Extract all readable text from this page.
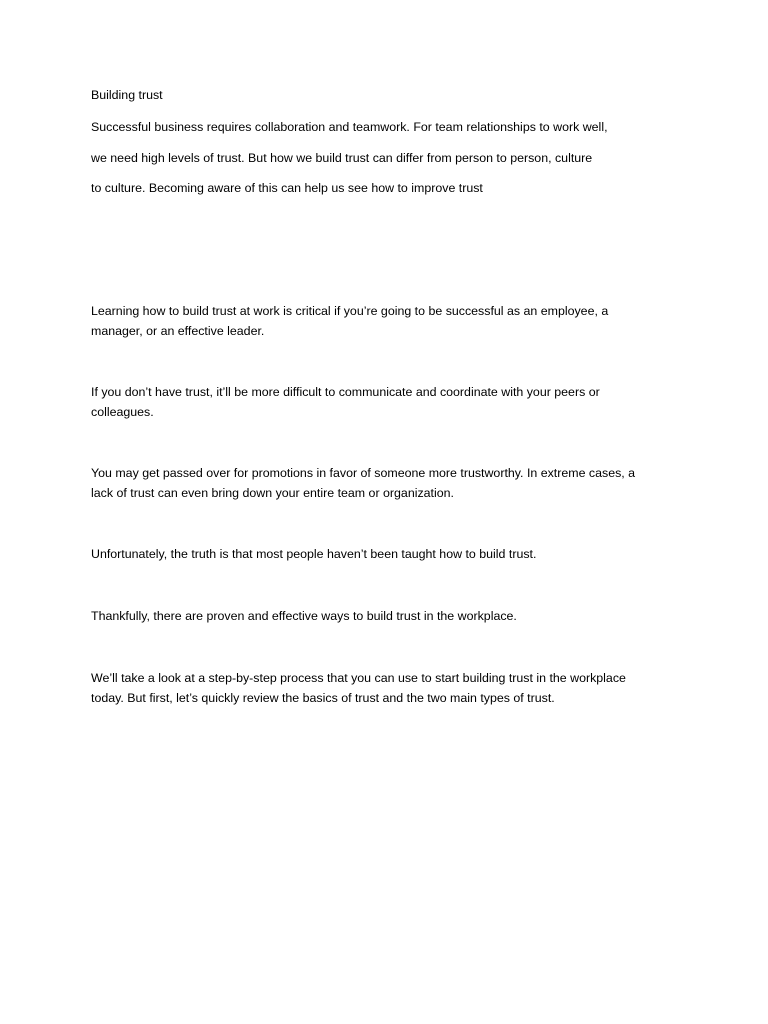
Building trust
Successful business requires collaboration and teamwork. For team relationships to work well,
we need high levels of trust. But how we build trust can differ from person to person, culture
to culture. Becoming aware of this can help us see how to improve trust
Learning how to build trust at work is critical if you’re going to be successful as an employee, a
manager, or an effective leader.
If you don’t have trust, it’ll be more difficult to communicate and coordinate with your peers or
colleagues.
You may get passed over for promotions in favor of someone more trustworthy. In extreme cases, a
lack of trust can even bring down your entire team or organization.
Unfortunately, the truth is that most people haven’t been taught how to build trust.
Thankfully, there are proven and effective ways to build trust in the workplace.
We’ll take a look at a step-by-step process that you can use to start building trust in the workplace
today. But first, let’s quickly review the basics of trust and the two main types of trust.
